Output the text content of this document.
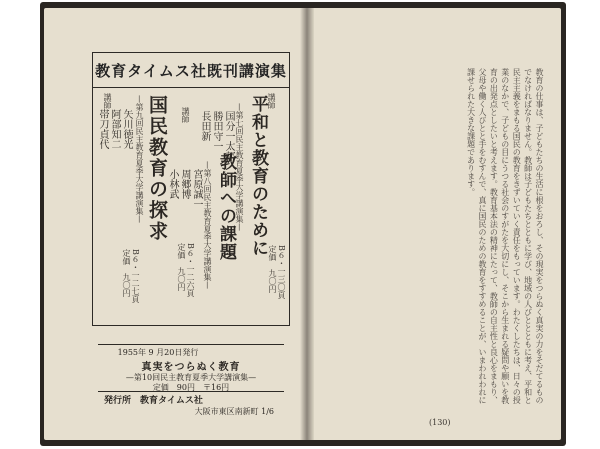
教育タイムス社既刊講演集
B６・一三〇頁
定価　九〇円
平和と教育のために
—第七回民主教育夏季大学講演集—
講師
国分一太郎
勝田守一
長田新
B６・一二六頁
定価　九〇円
教師への課題
—第八回民主教育夏季大学講演集—
講師
宮原誠一
周郷博
小林武
B６・一二七頁
定価　九〇円
国民教育の探求
—第九回民主教育夏季大学講演集—
講師
矢川徳光
阿部知二
帯刀貞代
1955年 9 月20日発行
真実をつらぬく教育
—第10回民主教育夏季大学講演集—
定価　90円　〒16円
発行所　教育タイムス社
大阪市東区南新町 1/6
教育の仕事は、子どもたちの生活に根をおろし、その現実をつらぬく真実の力をそだてるものでなければなりません。教師は子どもたちとともに学び、地域の人びととともに考え、平和と民主主義をまもる国民の教育をきずいていく責任をもっています。わたくしたちは、日々の授業のなかで、子どもの目にうつる社会のすがたを大切にし、そこから生まれる疑問や願いを教育の出発点としたいと考えます。教育基本法の精神にたって、教師の自主性と良心をまもり、父母や働く人びとと手をむすんで、真に国民のための教育をすすめることが、いまわれわれに課せられた大きな課題であります。
(130)
